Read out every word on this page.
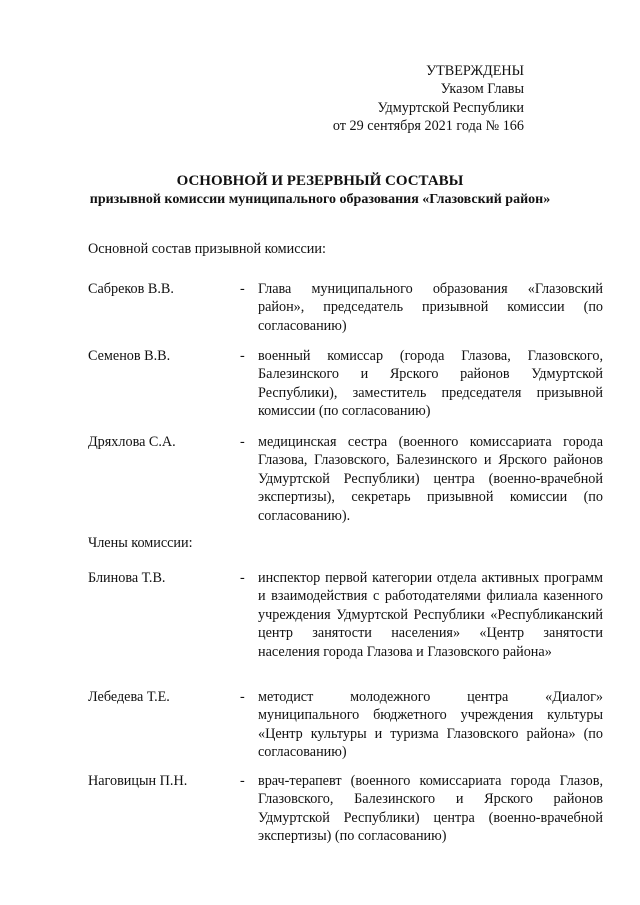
УТВЕРЖДЕНЫ
Указом Главы
Удмуртской Республики
от 29 сентября 2021 года № 166
ОСНОВНОЙ И РЕЗЕРВНЫЙ СОСТАВЫ
призывной комиссии муниципального образования «Глазовский район»
Основной состав призывной комиссии:
Сабреков В.В.	- Глава муниципального образования «Глазовский район», председатель призывной комиссии (по согласованию)
Семенов В.В.	- военный комиссар (города Глазова, Глазовского, Балезинского и Ярского районов Удмуртской Республики), заместитель председателя призывной комиссии (по согласованию)
Дряхлова С.А.	- медицинская сестра (военного комиссариата города Глазова, Глазовского, Балезинского и Ярского районов Удмуртской Республики) центра (военно-врачебной экспертизы), секретарь призывной комиссии (по согласованию).
Члены комиссии:
Блинова Т.В.	- инспектор первой категории отдела активных программ и взаимодействия с работодателями филиала казенного учреждения Удмуртской Республики «Республиканский центр занятости населения» «Центр занятости населения города Глазова и Глазовского района»
Лебедева Т.Е.	- методист молодежного центра «Диалог» муниципального бюджетного учреждения культуры «Центр культуры и туризма Глазовского района» (по согласованию)
Наговицын П.Н.	- врач-терапевт (военного комиссариата города Глазов, Глазовского, Балезинского и Ярского районов Удмуртской Республики) центра (военно-врачебной экспертизы) (по согласованию)
